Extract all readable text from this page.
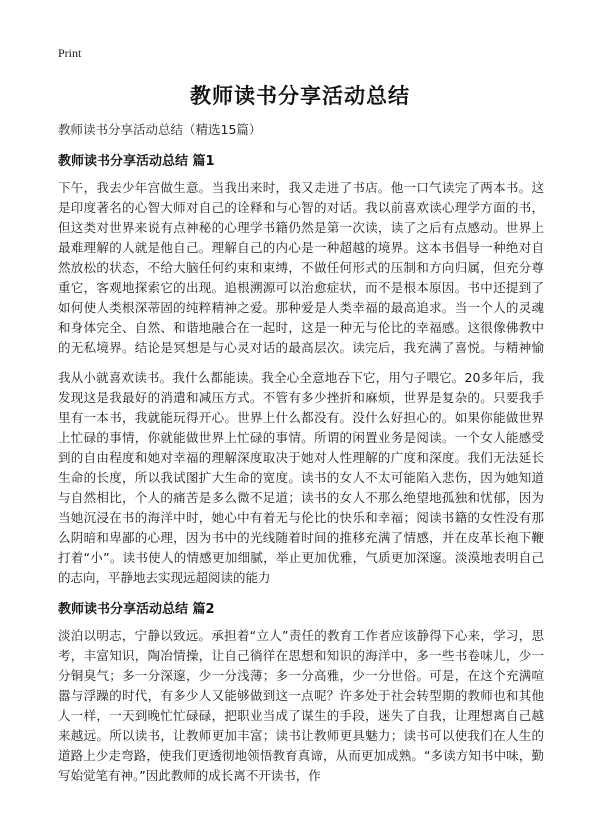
Print
教师读书分享活动总结

教师读书分享活动总结（精选15篇）

教师读书分享活动总结 篇1

下午，我去少年宫做生意。当我出来时，我又走进了书店。他一口气读完了两本书。这是印度著名的心智大师对自己的诠释和与心智的对话。我以前喜欢读心理学方面的书，但这类对世界来说有点神秘的心理学书籍仍然是第一次读，读了之后有点感动。世界上最难理解的人就是他自己。理解自己的内心是一种超越的境界。这本书倡导一种绝对自然放松的状态，不给大脑任何约束和束缚，不做任何形式的压制和方向归属，但充分尊重它，客观地探索它的出现。追根溯源可以治愈症状，而不是根本原因。书中还提到了如何使人类根深蒂固的纯粹精神之爱。那种爱是人类幸福的最高追求。当一个人的灵魂和身体完全、自然、和谐地融合在一起时，这是一种无与伦比的幸福感。这很像佛教中的无私境界。结论是冥想是与心灵对话的最高层次。读完后，我充满了喜悦。与精神愉

我从小就喜欢读书。我什么都能读。我全心全意地吞下它，用勺子喂它。20多年后，我发现这是我最好的消遣和减压方式。不管有多少挫折和麻烦，世界是复杂的。只要我手里有一本书，我就能玩得开心。世界上什么都没有。没什么好担心的。如果你能做世界上忙碌的事情，你就能做世界上忙碌的事情。所谓的闲置业务是阅读。一个女人能感受到的自由程度和她对幸福的理解深度取决于她对人性理解的广度和深度。我们无法延长生命的长度，所以我试图扩大生命的宽度。读书的女人不太可能陷入悲伤，因为她知道与自然相比，个人的痛苦是多么微不足道；读书的女人不那么绝望地孤独和忧郁，因为当她沉浸在书的海洋中时，她心中有着无与伦比的快乐和幸福；阅读书籍的女性没有那么阴暗和卑鄙的心理，因为书中的光线随着时间的推移充满了情感，并在皮革长袍下鞭打着“小”。读书使人的情感更加细腻，举止更加优雅，气质更加深邃。淡漠地表明自己的志向，平静地去实现远超阅读的能力

教师读书分享活动总结 篇2

淡泊以明志，宁静以致远。承担着“立人”责任的教育工作者应该静得下心来，学习，思考，丰富知识，陶冶情操，让自己徜徉在思想和知识的海洋中，多一些书卷味儿，少一分铜臭气；多一分深邃，少一分浅薄；多一分高雅，少一分世俗。可是，在这个充满喧嚣与浮躁的时代，有多少人又能够做到这一点呢？许多处于社会转型期的教师也和其他人一样，一天到晚忙忙碌碌，把职业当成了谋生的手段，迷失了自我，让理想离自己越来越远。所以读书，让教师更加丰富；读书让教师更具魅力；读书可以使我们在人生的道路上少走弯路，使我们更透彻地领悟教育真谛，从而更加成熟。“多读方知书中味，勤写始觉笔有神。”因此教师的成长离不开读书，作
